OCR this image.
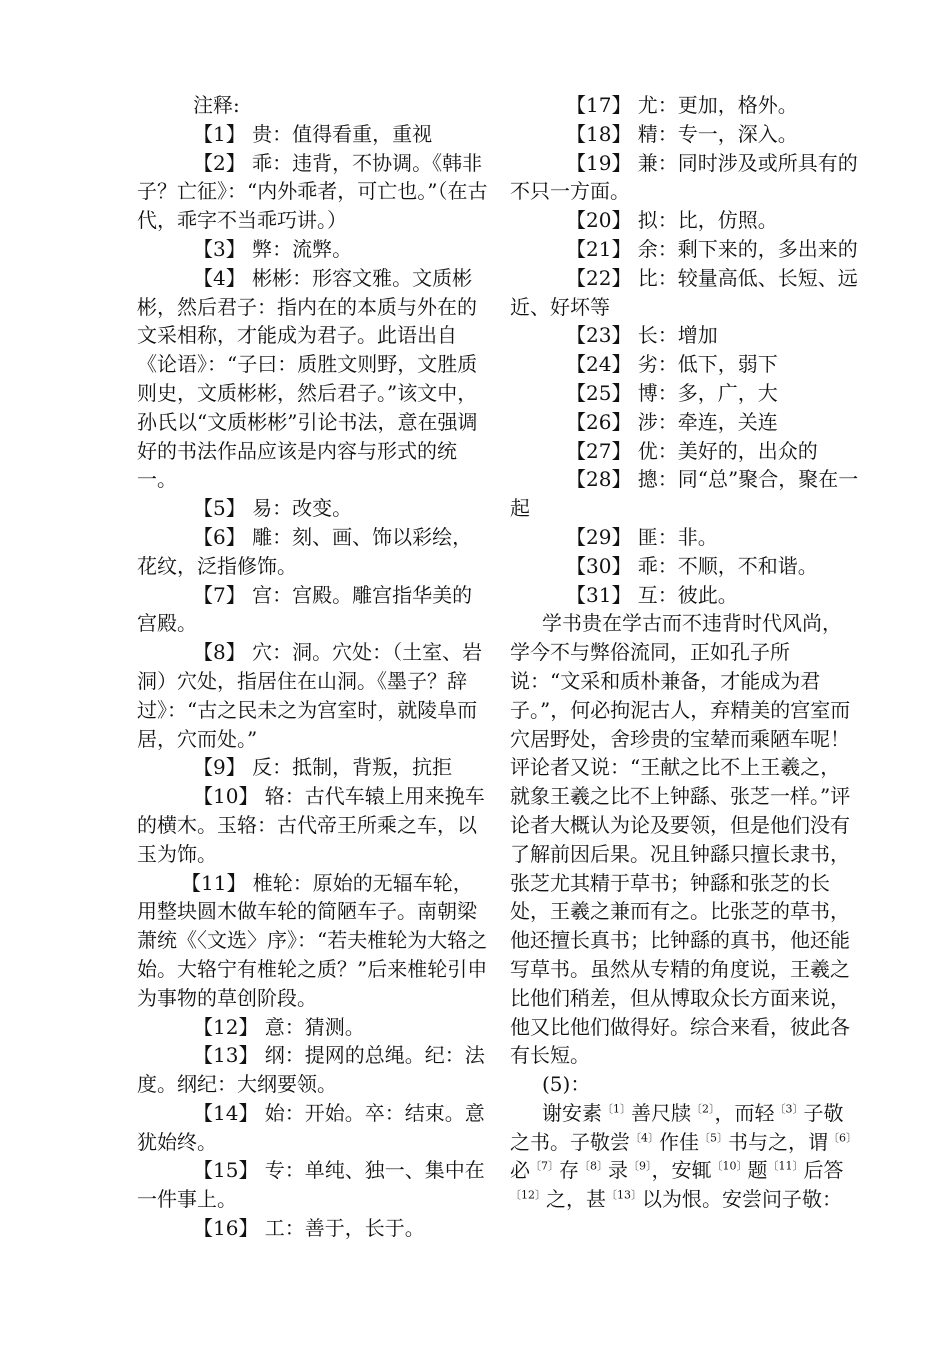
注释:

【1】 贵：值得看重，重视

【2】 乖：违背，不协调。《韩非子？亡征》：“内外乖者，可亡也。”（在古代，乖字不当乖巧讲。）

【3】 弊：流弊。

【4】 彬彬：形容文雅。文质彬彬，然后君子：指内在的本质与外在的文采相称，才能成为君子。此语出自《论语》：“子曰：质胜文则野，文胜质则史，文质彬彬，然后君子。”该文中，孙氏以“文质彬彬”引论书法，意在强调好的书法作品应该是内容与形式的统一。

【5】 易：改变。

【6】 雕：刻、画、饰以彩绘，花纹，泛指修饰。

【7】 宫：宫殿。雕宫指华美的宫殿。

【8】 穴：洞。穴处：（土室、岩洞）穴处，指居住在山洞。《墨子？辞过》：“古之民未之为宫室时，就陵阜而居，穴而处。”

【9】 反：抵制，背叛，抗拒

【10】 辂：古代车辕上用来挽车的横木。玉辂：古代帝王所乘之车，以玉为饰。

【11】 椎轮：原始的无辐车轮，用整块圆木做车轮的简陋车子。南朝梁萧统《〈文选〉序》：“若夫椎轮为大辂之始。大辂宁有椎轮之质？”后来椎轮引申为事物的草创阶段。

【12】 意：猜测。

【13】 纲：提网的总绳。纪：法度。纲纪：大纲要领。

【14】 始：开始。卒：结束。意犹始终。

【15】 专：单纯、独一、集中在一件事上。

【16】 工：善于，长于。

【17】 尤：更加，格外。

【18】 精：专一，深入。

【19】 兼：同时涉及或所具有的不只一方面。

【20】 拟：比，仿照。

【21】 余：剩下来的，多出来的

【22】 比：较量高低、长短、远近、好坏等

【23】 长：增加

【24】 劣：低下，弱下

【25】 博：多，广，大

【26】 涉：牵连，关连

【27】 优：美好的，出众的

【28】 摠：同“总”聚合，聚在一起

【29】 匪：非。

【30】 乖：不顺，不和谐。

【31】 互：彼此。

学书贵在学古而不违背时代风尚，学今不与弊俗流同，正如孔子所说：“文采和质朴兼备，才能成为君子。”，何必拘泥古人，弃精美的宫室而穴居野处，舍珍贵的宝辇而乘陋车呢！评论者又说：“王献之比不上王羲之，就象王羲之比不上钟繇、张芝一样。”评论者大概认为论及要领，但是他们没有了解前因后果。况且钟繇只擅长隶书，张芝尤其精于草书；钟繇和张芝的长处，王羲之兼而有之。比张芝的草书，他还擅长真书；比钟繇的真书，他还能写草书。虽然从专精的角度说，王羲之比他们稍差，但从博取众长方面来说，他又比他们做得好。综合来看，彼此各有长短。

(5)：

谢安素$^{〔1〕}$善尺牍$^{〔2〕}$，而轻$^{〔3〕}$子敬之书。子敬尝$^{〔4〕}$作佳$^{〔5〕}$书与之，谓$^{〔6〕}$必$^{〔7〕}$存$^{〔8〕}$录$^{〔9〕}$，安辄$^{〔10〕}$题$^{〔11〕}$后答$^{〔12〕}$之，甚$^{〔13〕}$以为恨。安尝问子敬：
